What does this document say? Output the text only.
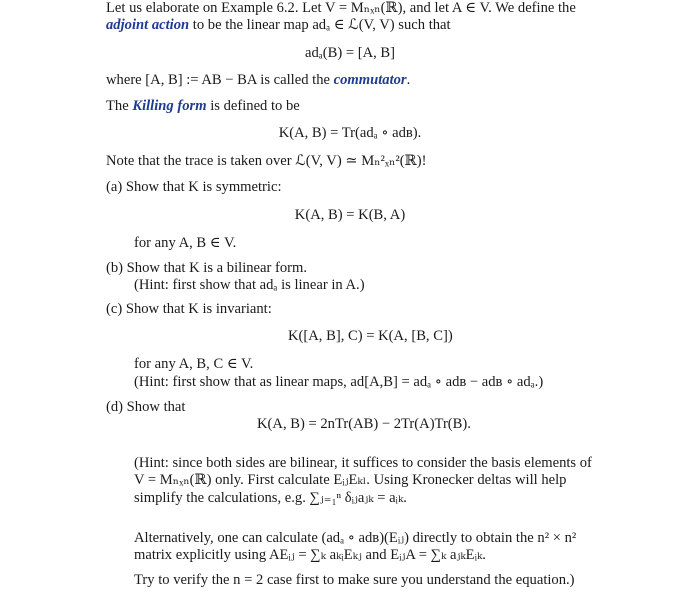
Let us elaborate on Example 6.2. Let V = Mₙₓₙ(ℝ), and let A ∈ V. We define the
adjoint action to be the linear map adₐ ∈ ℒ(V, V) such that
adₐ(B) = [A, B]
where [A, B] := AB − BA is called the commutator.
The Killing form is defined to be
K(A, B) = Tr(adₐ ∘ adʙ).
Note that the trace is taken over ℒ(V, V) ≃ Mₙ²ₓₙ²(ℝ)!
(a) Show that K is symmetric:
K(A, B) = K(B, A)
for any A, B ∈ V.
(b) Show that K is a bilinear form.
(Hint: first show that adₐ is linear in A.)
(c) Show that K is invariant:
K([A, B], C) = K(A, [B, C])
for any A, B, C ∈ V.
(Hint: first show that as linear maps, ad[A,B] = adₐ ∘ adʙ − adʙ ∘ adₐ.)
(d) Show that
K(A, B) = 2nTr(AB) − 2Tr(A)Tr(B).
(Hint: since both sides are bilinear, it suffices to consider the basis elements of
V = Mₙₓₙ(ℝ) only. First calculate EᵢⱼEₖₗ. Using Kronecker deltas will help
simplify the calculations, e.g. ∑ⱼ₌₁ⁿ δᵢⱼaⱼₖ = aᵢₖ.
Alternatively, one can calculate (adₐ ∘ adʙ)(Eᵢⱼ) directly to obtain the n² × n²
matrix explicitly using AEᵢⱼ = ∑ₖ aₖᵢEₖⱼ and EᵢⱼA = ∑ₖ aⱼₖEᵢₖ.
Try to verify the n = 2 case first to make sure you understand the equation.)
